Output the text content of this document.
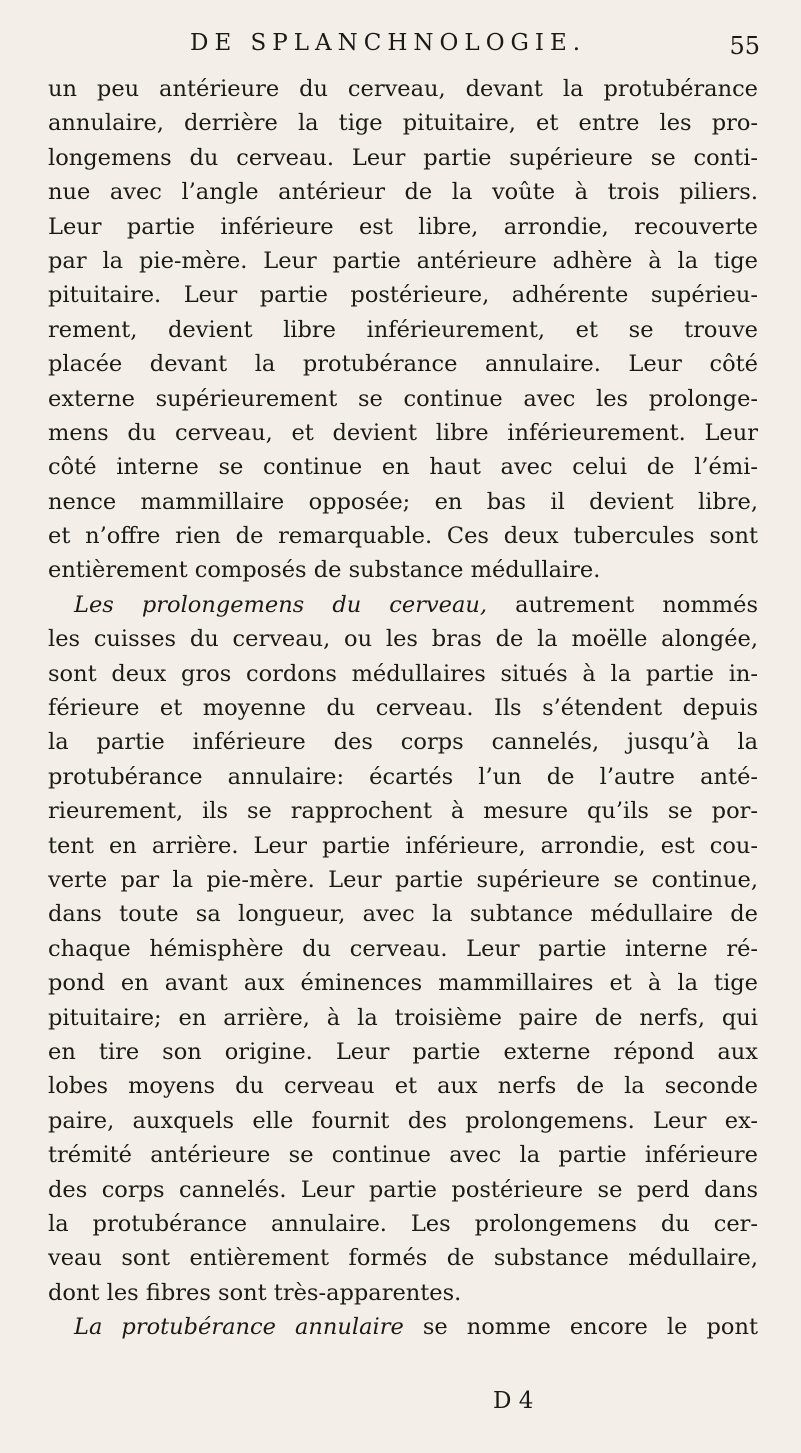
DE SPLANCHNOLOGIE.	55
un peu antérieure du cerveau, devant la protubérance
annulaire, derrière la tige pituitaire, et entre les pro-
longemens du cerveau. Leur partie supérieure se conti-
nue avec l’angle antérieur de la voûte à trois piliers.
Leur partie inférieure est libre, arrondie, recouverte
par la pie-mère. Leur partie antérieure adhère à la tige
pituitaire. Leur partie postérieure, adhérente supérieu-
rement, devient libre inférieurement, et se trouve
placée devant la protubérance annulaire. Leur côté
externe supérieurement se continue avec les prolonge-
mens du cerveau, et devient libre inférieurement. Leur
côté interne se continue en haut avec celui de l’émi-
nence mammillaire opposée; en bas il devient libre,
et n’offre rien de remarquable. Ces deux tubercules sont
entièrement composés de substance médullaire.
Les prolongemens du cerveau, autrement nommés
les cuisses du cerveau, ou les bras de la moëlle alongée,
sont deux gros cordons médullaires situés à la partie in-
férieure et moyenne du cerveau. Ils s’étendent depuis
la partie inférieure des corps cannelés, jusqu’à la
protubérance annulaire: écartés l’un de l’autre anté-
rieurement, ils se rapprochent à mesure qu’ils se por-
tent en arrière. Leur partie inférieure, arrondie, est cou-
verte par la pie-mère. Leur partie supérieure se continue,
dans toute sa longueur, avec la subtance médullaire de
chaque hémisphère du cerveau. Leur partie interne ré-
pond en avant aux éminences mammillaires et à la tige
pituitaire; en arrière, à la troisième paire de nerfs, qui
en tire son origine. Leur partie externe répond aux
lobes moyens du cerveau et aux nerfs de la seconde
paire, auxquels elle fournit des prolongemens. Leur ex-
trémité antérieure se continue avec la partie inférieure
des corps cannelés. Leur partie postérieure se perd dans
la protubérance annulaire. Les prolongemens du cer-
veau sont entièrement formés de substance médullaire,
dont les fibres sont très-apparentes.
La protubérance annulaire se nomme encore le pont
D 4
